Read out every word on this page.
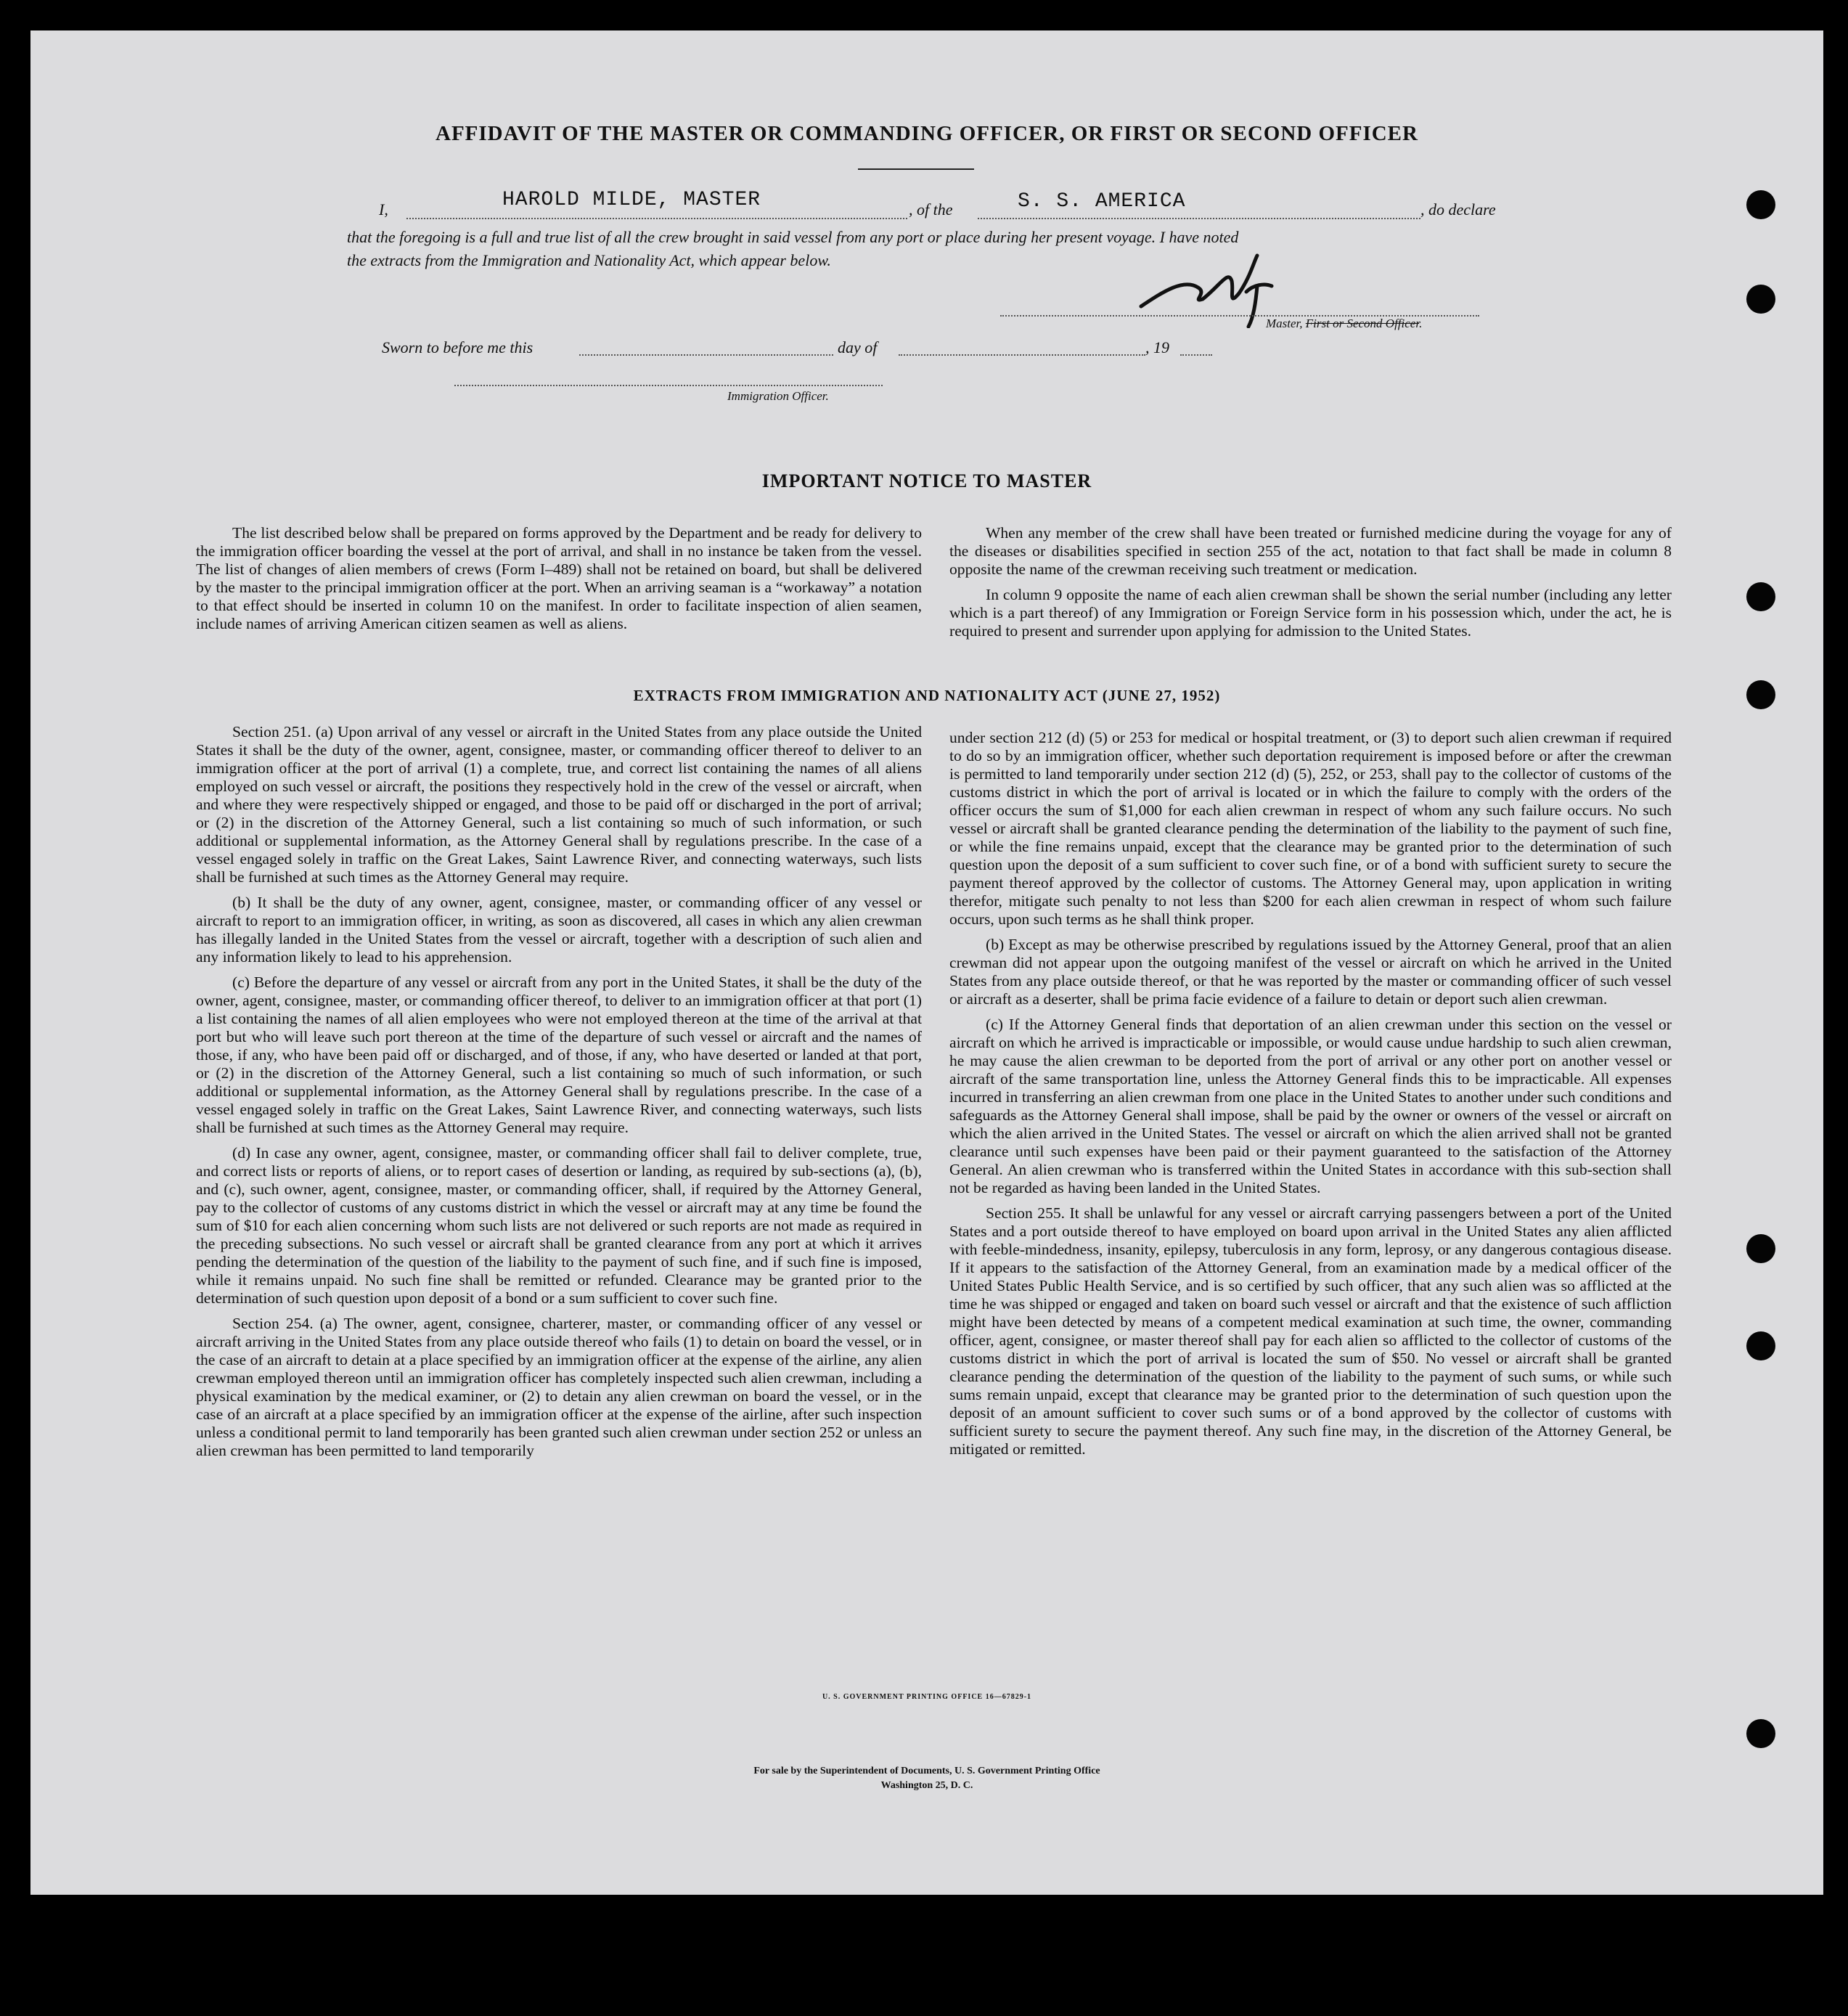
AFFIDAVIT OF THE MASTER OR COMMANDING OFFICER, OR FIRST OR SECOND OFFICER
I,	HAROLD MILDE, MASTER	, of the	S. S. AMERICA	, do declare
that the foregoing is a full and true list of all the crew brought in said vessel from any port or place during her present voyage. I have noted
the extracts from the Immigration and Nationality Act, which appear below.
Master, First or Second Officer.
Sworn to before me this	day of	, 19
Immigration Officer.
IMPORTANT NOTICE TO MASTER

The list described below shall be prepared on forms approved by the Department and be ready for delivery to the immigration officer boarding the vessel at the port of arrival, and shall in no instance be taken from the vessel. The list of changes of alien members of crews (Form I–489) shall not be retained on board, but shall be delivered by the master to the principal immigration officer at the port. When an arriving seaman is a “workaway” a notation to that effect should be inserted in column 10 on the manifest. In order to facilitate inspection of alien seamen, include names of arriving American citizen seamen as well as aliens.

When any member of the crew shall have been treated or furnished medicine during the voyage for any of the diseases or disabilities specified in section 255 of the act, notation to that fact shall be made in column 8 opposite the name of the crewman receiving such treatment or medication.

In column 9 opposite the name of each alien crewman shall be shown the serial number (including any letter which is a part thereof) of any Immigration or Foreign Service form in his possession which, under the act, he is required to present and surrender upon applying for admission to the United States.

EXTRACTS FROM IMMIGRATION AND NATIONALITY ACT (JUNE 27, 1952)

Section 251. (a) Upon arrival of any vessel or aircraft in the United States from any place outside the United States it shall be the duty of the owner, agent, consignee, master, or commanding officer thereof to deliver to an immigration officer at the port of arrival (1) a complete, true, and correct list containing the names of all aliens employed on such vessel or aircraft, the positions they respectively hold in the crew of the vessel or aircraft, when and where they were respectively shipped or engaged, and those to be paid off or discharged in the port of arrival; or (2) in the discretion of the Attorney General, such a list containing so much of such information, or such additional or supplemental information, as the Attorney General shall by regulations prescribe. In the case of a vessel engaged solely in traffic on the Great Lakes, Saint Lawrence River, and connecting waterways, such lists shall be furnished at such times as the Attorney General may require.

(b) It shall be the duty of any owner, agent, consignee, master, or commanding officer of any vessel or aircraft to report to an immigration officer, in writing, as soon as discovered, all cases in which any alien crewman has illegally landed in the United States from the vessel or aircraft, together with a description of such alien and any information likely to lead to his apprehension.

(c) Before the departure of any vessel or aircraft from any port in the United States, it shall be the duty of the owner, agent, consignee, master, or commanding officer thereof, to deliver to an immigration officer at that port (1) a list containing the names of all alien employees who were not employed thereon at the time of the arrival at that port but who will leave such port thereon at the time of the departure of such vessel or aircraft and the names of those, if any, who have been paid off or discharged, and of those, if any, who have deserted or landed at that port, or (2) in the discretion of the Attorney General, such a list containing so much of such information, or such additional or supplemental information, as the Attorney General shall by regulations prescribe. In the case of a vessel engaged solely in traffic on the Great Lakes, Saint Lawrence River, and connecting waterways, such lists shall be furnished at such times as the Attorney General may require.

(d) In case any owner, agent, consignee, master, or commanding officer shall fail to deliver complete, true, and correct lists or reports of aliens, or to report cases of desertion or landing, as required by sub-sections (a), (b), and (c), such owner, agent, consignee, master, or commanding officer, shall, if required by the Attorney General, pay to the collector of customs of any customs district in which the vessel or aircraft may at any time be found the sum of $10 for each alien concerning whom such lists are not delivered or such reports are not made as required in the preceding subsections. No such vessel or aircraft shall be granted clearance from any port at which it arrives pending the determination of the question of the liability to the payment of such fine, and if such fine is imposed, while it remains unpaid. No such fine shall be remitted or refunded. Clearance may be granted prior to the determination of such question upon deposit of a bond or a sum sufficient to cover such fine.

Section 254. (a) The owner, agent, consignee, charterer, master, or commanding officer of any vessel or aircraft arriving in the United States from any place outside thereof who fails (1) to detain on board the vessel, or in the case of an aircraft to detain at a place specified by an immigration officer at the expense of the airline, any alien crewman employed thereon until an immigration officer has completely inspected such alien crewman, including a physical examination by the medical examiner, or (2) to detain any alien crewman on board the vessel, or in the case of an aircraft at a place specified by an immigration officer at the expense of the airline, after such inspection unless a conditional permit to land temporarily has been granted such alien crewman under section 252 or unless an alien crewman has been permitted to land temporarily

under section 212 (d) (5) or 253 for medical or hospital treatment, or (3) to deport such alien crewman if required to do so by an immigration officer, whether such deportation requirement is imposed before or after the crewman is permitted to land temporarily under section 212 (d) (5), 252, or 253, shall pay to the collector of customs of the customs district in which the port of arrival is located or in which the failure to comply with the orders of the officer occurs the sum of $1,000 for each alien crewman in respect of whom any such failure occurs. No such vessel or aircraft shall be granted clearance pending the determination of the liability to the payment of such fine, or while the fine remains unpaid, except that the clearance may be granted prior to the determination of such question upon the deposit of a sum sufficient to cover such fine, or of a bond with sufficient surety to secure the payment thereof approved by the collector of customs. The Attorney General may, upon application in writing therefor, mitigate such penalty to not less than $200 for each alien crewman in respect of whom such failure occurs, upon such terms as he shall think proper.

(b) Except as may be otherwise prescribed by regulations issued by the Attorney General, proof that an alien crewman did not appear upon the outgoing manifest of the vessel or aircraft on which he arrived in the United States from any place outside thereof, or that he was reported by the master or commanding officer of such vessel or aircraft as a deserter, shall be prima facie evidence of a failure to detain or deport such alien crewman.

(c) If the Attorney General finds that deportation of an alien crewman under this section on the vessel or aircraft on which he arrived is impracticable or impossible, or would cause undue hardship to such alien crewman, he may cause the alien crewman to be deported from the port of arrival or any other port on another vessel or aircraft of the same transportation line, unless the Attorney General finds this to be impracticable. All expenses incurred in transferring an alien crewman from one place in the United States to another under such conditions and safeguards as the Attorney General shall impose, shall be paid by the owner or owners of the vessel or aircraft on which the alien arrived in the United States. The vessel or aircraft on which the alien arrived shall not be granted clearance until such expenses have been paid or their payment guaranteed to the satisfaction of the Attorney General. An alien crewman who is transferred within the United States in accordance with this sub-section shall not be regarded as having been landed in the United States.

Section 255. It shall be unlawful for any vessel or aircraft carrying passengers between a port of the United States and a port outside thereof to have employed on board upon arrival in the United States any alien afflicted with feeble-mindedness, insanity, epilepsy, tuberculosis in any form, leprosy, or any dangerous contagious disease. If it appears to the satisfaction of the Attorney General, from an examination made by a medical officer of the United States Public Health Service, and is so certified by such officer, that any such alien was so afflicted at the time he was shipped or engaged and taken on board such vessel or aircraft and that the existence of such affliction might have been detected by means of a competent medical examination at such time, the owner, commanding officer, agent, consignee, or master thereof shall pay for each alien so afflicted to the collector of customs of the customs district in which the port of arrival is located the sum of $50. No vessel or aircraft shall be granted clearance pending the determination of the question of the liability to the payment of such sums, or while such sums remain unpaid, except that clearance may be granted prior to the determination of such question upon the deposit of an amount sufficient to cover such sums or of a bond approved by the collector of customs with sufficient surety to secure the payment thereof. Any such fine may, in the discretion of the Attorney General, be mitigated or remitted.

U. S. GOVERNMENT PRINTING OFFICE 16—67829-1
For sale by the Superintendent of Documents, U. S. Government Printing Office
Washington 25, D. C.
